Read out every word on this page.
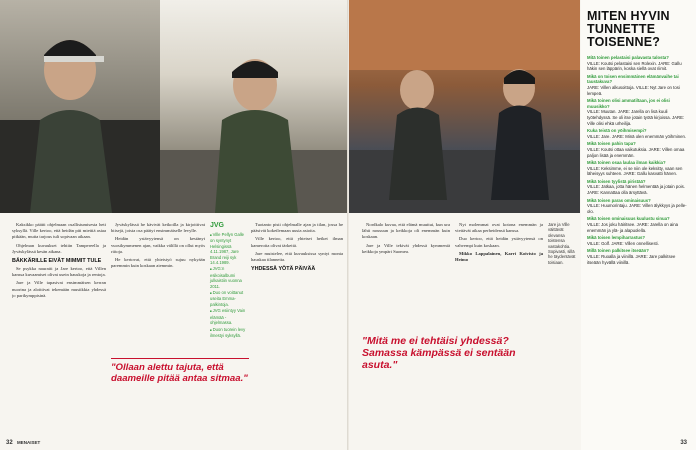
Kaksikko päätti ohjelmaan osallistumisesta heti syksyllä. Ville kertoo, että heidän piti miettiä asiaa pitkään, mutta tarjous tuli sopivaan aikaan.

Ohjelman kuvaukset tehtiin Tampereella ja Jyväskylässä kesän aikana.

BÄKKÄRILLE EIVÄT MIMMIT TULE

Se psykka nauratti ja Jare kertoo, että Villen kanssa kuvaamiset olivat usein hauskoja ja rentoja.

Jare ja Ville tapasivat ensimmäisen kerran nuorina ja aloittivat tekemään musiikkia yhdessä jo parikymppisinä.

Jyväskylässä he kävivät keikoilla ja kirjoittivat biisejä, joista osa päätyi ensimmäiselle levylle.

Heidän ystävyytensä on kestänyt vuosikymmenen ajan, vaikka välillä on ollut myös riitoja.

He kertovat, että yhteistyö sujuu nykyään paremmin kuin koskaan aiemmin.

JVG
■ Ville Pellyn Galle on syntynyt Helsingissä 4.11.1987, Jare Brand reiji syk 14.4.1989.
■ JVG:n esikoisalbumi julkaistiin vuonna 2011.
■ Duo on voittanut useita Emma-palkintoja.
■ JVG esiintyy Vain elämää -ohjelmassa.
■ Duon tuorein levy ilmestyi syksyllä.
"Ollaan alettu tajuta, että daameille pitää antaa sitmaa."

Tuotanto pisti ohjelmalle ajan ja tilan, jossa he pääsivät kokeilemaan uusia asioita.

Ville kertoo, että yhteiset hetket ilman kameroita olivat tärkeitä.

Jare muistelee, että kuvauksissa syntyi monta hauskaa tilannetta.

YHDESSÄ YÖTÄ PÄIVÄÄ

Nordkalo kuvaa, että elämä muuttui, kun ura lähti nousuun ja keikkoja oli enemmän kuin koskaan.

Jare ja Ville tekivät yhdessä kymmeniä keikkoja ympäri Suomea.

Nyt molemmat ovat kotona enemmän ja viettävät aikaa perheidensä kanssa.

Duo kertoo, että heidän ystävyytensä on vahvempi kuin koskaan.

Mikko Lappalainen, Karri Koivisto ja Heimo

Jare ja Ville väittävät olevansa toistensa vastakohtia. Sopivasti, sillä he täydentävät toisiaan.
"Mitä me ei tehtäisi yhdessä? Samassa kämpässä ei sentään asuta."
MITEN HYVIN TUNNETTE TOISENNE?
Mitä toinen pelastaisi palavasta talosta?
VILLE: Koutsi pelastaisi sen Rolexin. JARE: Gallu häkin sen läppärin, koska siellä ovat riimit.
Mikä on toisen ensimmäinen elämänvaihe tai taustakuva?
JARE: Villen alkusoittoja. VILLE: Nyt Jare on tosi lempeä.
Mikä toinen olisi ammatiltaan, jos ei olisi muusikko?
VILLE: Muutan. JARE: Jarella on lisä kuuli työtehdyssä. Se oli itse jotain työtä kirjoissa. JARE: Ville olisi ehkä urheilija.
Kuka teistä on yöihmisempi?
VILLE: Jare. JARE: Minä olen enemmän yöihminen.
Mikä toisen pahin tapa?
VILLE: Koutsi ottaa vaikutuksia. JARE: Villen omaa paljon lisää ja enemmän.
Mikä toinen osaa laulaa ilman kaikkia?
VILLE: Keksimme, ei se niin ole keksitty, vaan sen läheisyys suhteen. JARE: Gallu kasvatti hänen.
Mikä toisen tyylistä piristää?
VILLE: Jatkaa, jotta hänen helmentää ja jotain pois. JARE: Kannattaa olla ärsyttävä.
Mikä toisen paras ominaisuus?
VILLE: Huumorintaju. JARE: Villen älykkyys ja pelle-olo.
Mikä toisen ominaisuus kuulustu sinua?
VILLE: Jos joku häiritsee. JARE: Jarella on aina enemmän ja ylä- ja alapuolella.
Mikä toisen lempiharrastus?
VILLE: Golf. JARE: Villen onnellisesti.
Millä toinen palkitsee itseään?
VILLE: Ruoalla ja viinillä. JARE: Jare palkitsee itseään hyvällä viinillä.
32 MENAISET	33
